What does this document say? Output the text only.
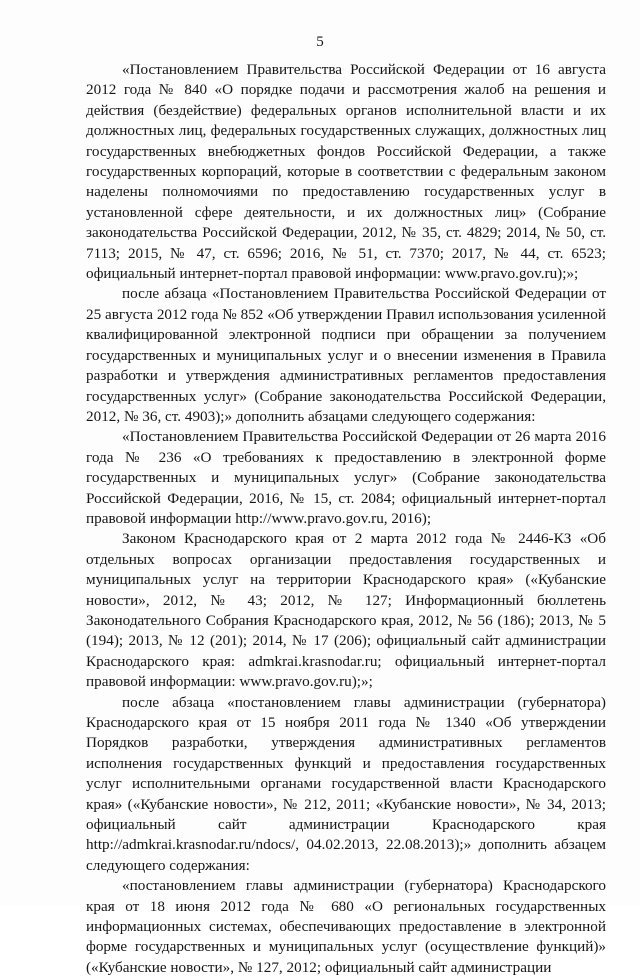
5

«Постановлением Правительства Российской Федерации от 16 августа 2012 года № 840 «О порядке подачи и рассмотрения жалоб на решения и действия (бездействие) федеральных органов исполнительной власти и их должностных лиц, федеральных государственных служащих, должностных лиц государственных внебюджетных фондов Российской Федерации, а также государственных корпораций, которые в соответствии с федеральным законом наделены полномочиями по предоставлению государственных услуг в установленной сфере деятельности, и их должностных лиц» (Собрание законодательства Российской Федерации, 2012, № 35, ст. 4829; 2014, № 50, ст. 7113; 2015, № 47, ст. 6596; 2016, № 51, ст. 7370; 2017, № 44, ст. 6523; официальный интернет-портал правовой информации: www.pravo.gov.ru);»;

после абзаца «Постановлением Правительства Российской Федерации от 25 августа 2012 года № 852 «Об утверждении Правил использования усиленной квалифицированной электронной подписи при обращении за получением государственных и муниципальных услуг и о внесении изменения в Правила разработки и утверждения административных регламентов предоставления государственных услуг» (Собрание законодательства Российской Федерации, 2012, № 36, ст. 4903);» дополнить абзацами следующего содержания:

«Постановлением Правительства Российской Федерации от 26 марта 2016 года № 236 «О требованиях к предоставлению в электронной форме государственных и муниципальных услуг» (Собрание законодательства Российской Федерации, 2016, № 15, ст. 2084; официальный интернет-портал правовой информации http://www.pravo.gov.ru, 2016);

Законом Краснодарского края от 2 марта 2012 года № 2446-КЗ «Об отдельных вопросах организации предоставления государственных и муниципальных услуг на территории Краснодарского края» («Кубанские новости», 2012, № 43; 2012, № 127; Информационный бюллетень Законодательного Собрания Краснодарского края, 2012, № 56 (186); 2013, № 5 (194); 2013, № 12 (201); 2014, № 17 (206); официальный сайт администрации Краснодарского края: admkrai.krasnodar.ru; официальный интернет-портал правовой информации: www.pravo.gov.ru);»;

после абзаца «постановлением главы администрации (губернатора) Краснодарского края от 15 ноября 2011 года № 1340 «Об утверждении Порядков разработки, утверждения административных регламентов исполнения государственных функций и предоставления государственных услуг исполнительными органами государственной власти Краснодарского края» («Кубанские новости», № 212, 2011; «Кубанские новости», № 34, 2013; официальный сайт администрации Краснодарского края http://admkrai.krasnodar.ru/ndocs/, 04.02.2013, 22.08.2013);» дополнить абзацем следующего содержания:

«постановлением главы администрации (губернатора) Краснодарского края от 18 июня 2012 года № 680 «О региональных государственных информационных системах, обеспечивающих предоставление в электронной форме государственных и муниципальных услуг (осуществление функций)» («Кубанские новости», № 127, 2012; официальный сайт администрации
